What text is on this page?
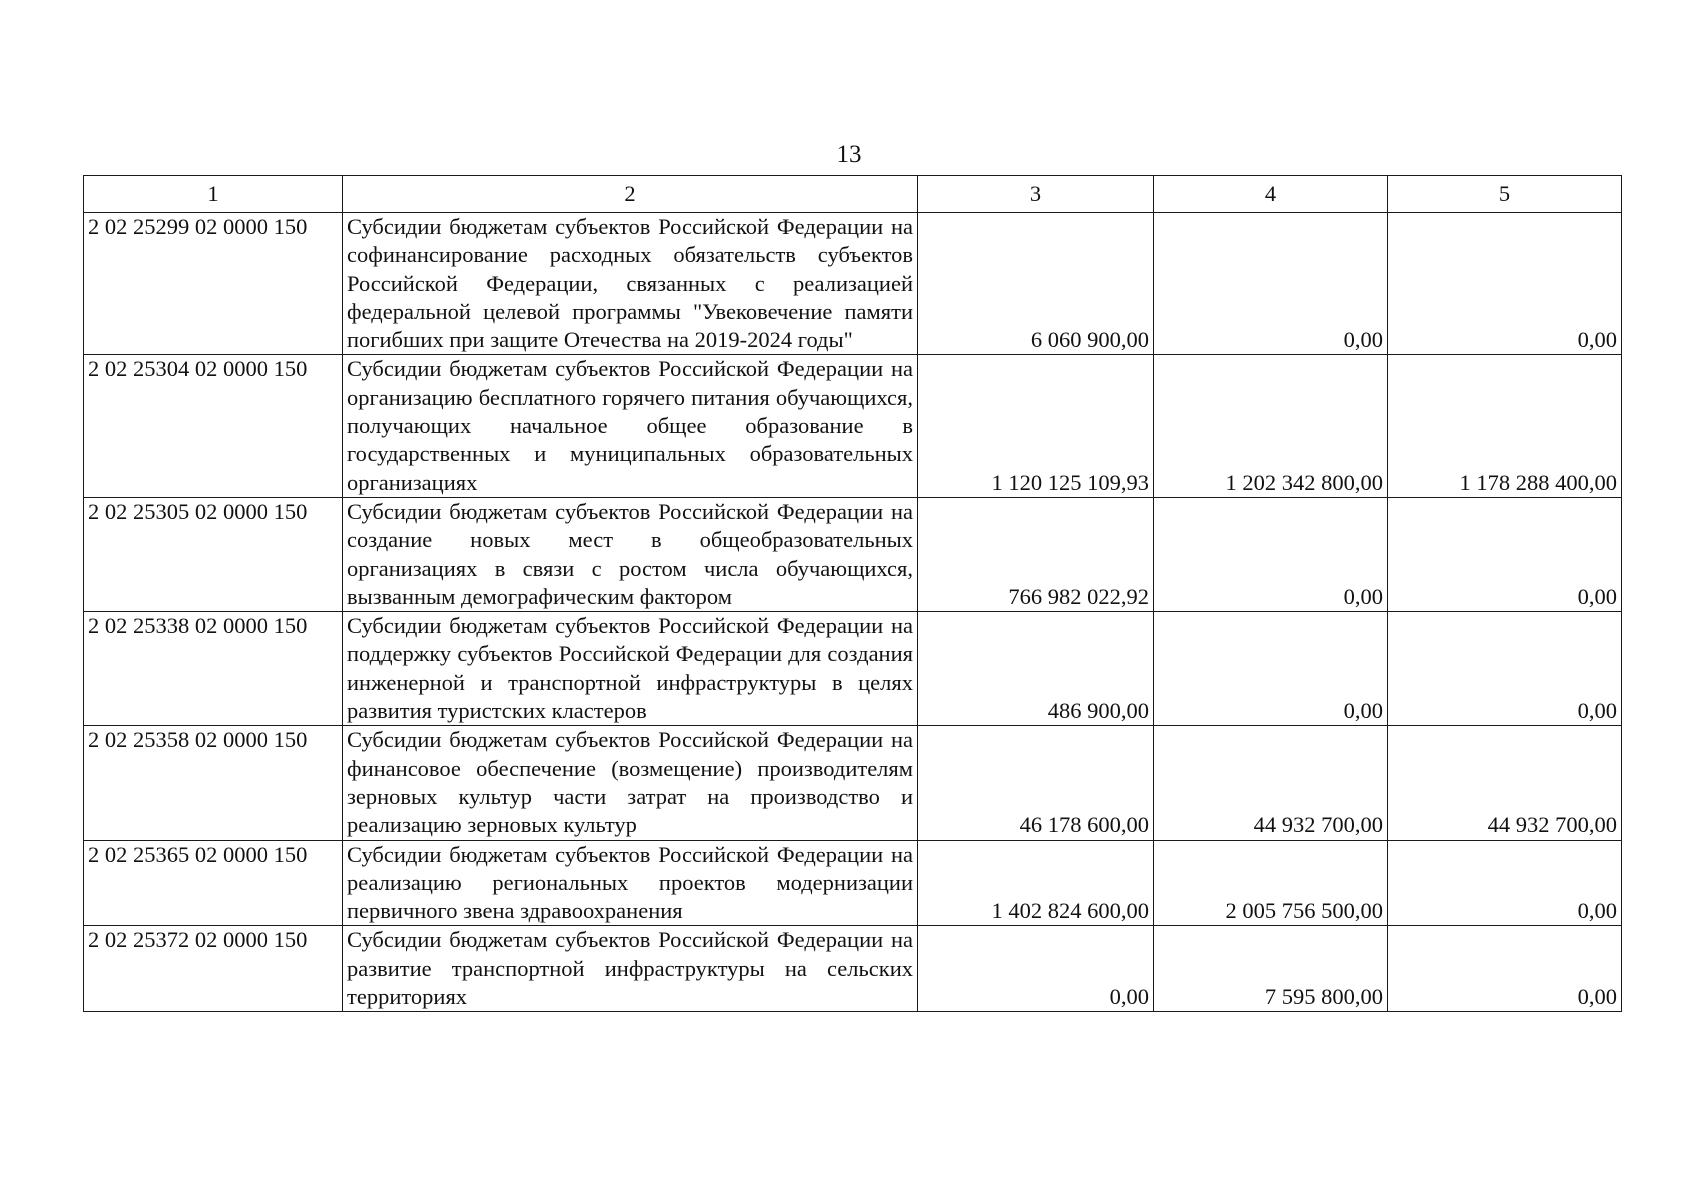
13
1	2	3	4	5
2 02 25299 02 0000 150	Субсидии бюджетам субъектов Российской Федерации на софинансирование расходных обязательств субъектов Российской Федерации, связанных с реализацией федеральной целевой программы "Увековечение памяти погибших при защите Отечества на 2019-2024 годы"	6 060 900,00	0,00	0,00
2 02 25304 02 0000 150	Субсидии бюджетам субъектов Российской Федерации на организацию бесплатного горячего питания обучающихся, получающих начальное общее образование в государственных и муниципальных образовательных организациях	1 120 125 109,93	1 202 342 800,00	1 178 288 400,00
2 02 25305 02 0000 150	Субсидии бюджетам субъектов Российской Федерации на создание новых мест в общеобразовательных организациях в связи с ростом числа обучающихся, вызванным демографическим фактором	766 982 022,92	0,00	0,00
2 02 25338 02 0000 150	Субсидии бюджетам субъектов Российской Федерации на поддержку субъектов Российской Федерации для создания инженерной и транспортной инфраструктуры в целях развития туристских кластеров	486 900,00	0,00	0,00
2 02 25358 02 0000 150	Субсидии бюджетам субъектов Российской Федерации на финансовое обеспечение (возмещение) производителям зерновых культур части затрат на производство и реализацию зерновых культур	46 178 600,00	44 932 700,00	44 932 700,00
2 02 25365 02 0000 150	Субсидии бюджетам субъектов Российской Федерации на реализацию региональных проектов модернизации первичного звена здравоохранения	1 402 824 600,00	2 005 756 500,00	0,00
2 02 25372 02 0000 150	Субсидии бюджетам субъектов Российской Федерации на развитие транспортной инфраструктуры на сельских территориях	0,00	7 595 800,00	0,00
